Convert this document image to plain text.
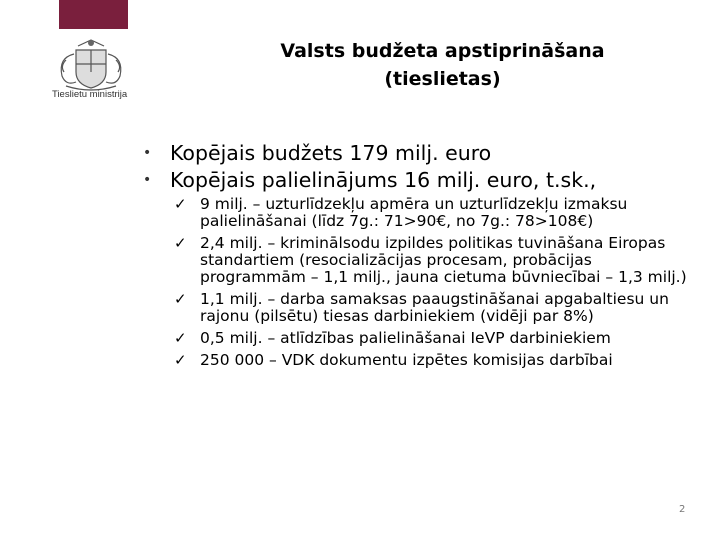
Tieslietu ministrija
Valsts budžeta apstiprināšana
(tieslietas)
• Kopējais budžets 179 milj. euro
• Kopējais palielinājums 16 milj. euro, t.sk.,
✓ 9 milj. – uzturlīdzekļu apmēra un uzturlīdzekļu izmaksu palielināšanai (līdz 7g.: 71>90€, no 7g.: 78>108€)
✓ 2,4 milj. – kriminālsodu izpildes politikas tuvināšana Eiropas standartiem (resocializācijas procesam, probācijas programmām – 1,1 milj., jauna cietuma būvniecībai – 1,3 milj.)
✓ 1,1 milj. – darba samaksas paaugstināšanai apgabaltiesu un rajonu (pilsētu) tiesas darbiniekiem (vidēji par 8%)
✓ 0,5 milj. – atlīdzības palielināšanai IeVP darbiniekiem
✓ 250 000 – VDK dokumentu izpētes komisijas darbībai
2
